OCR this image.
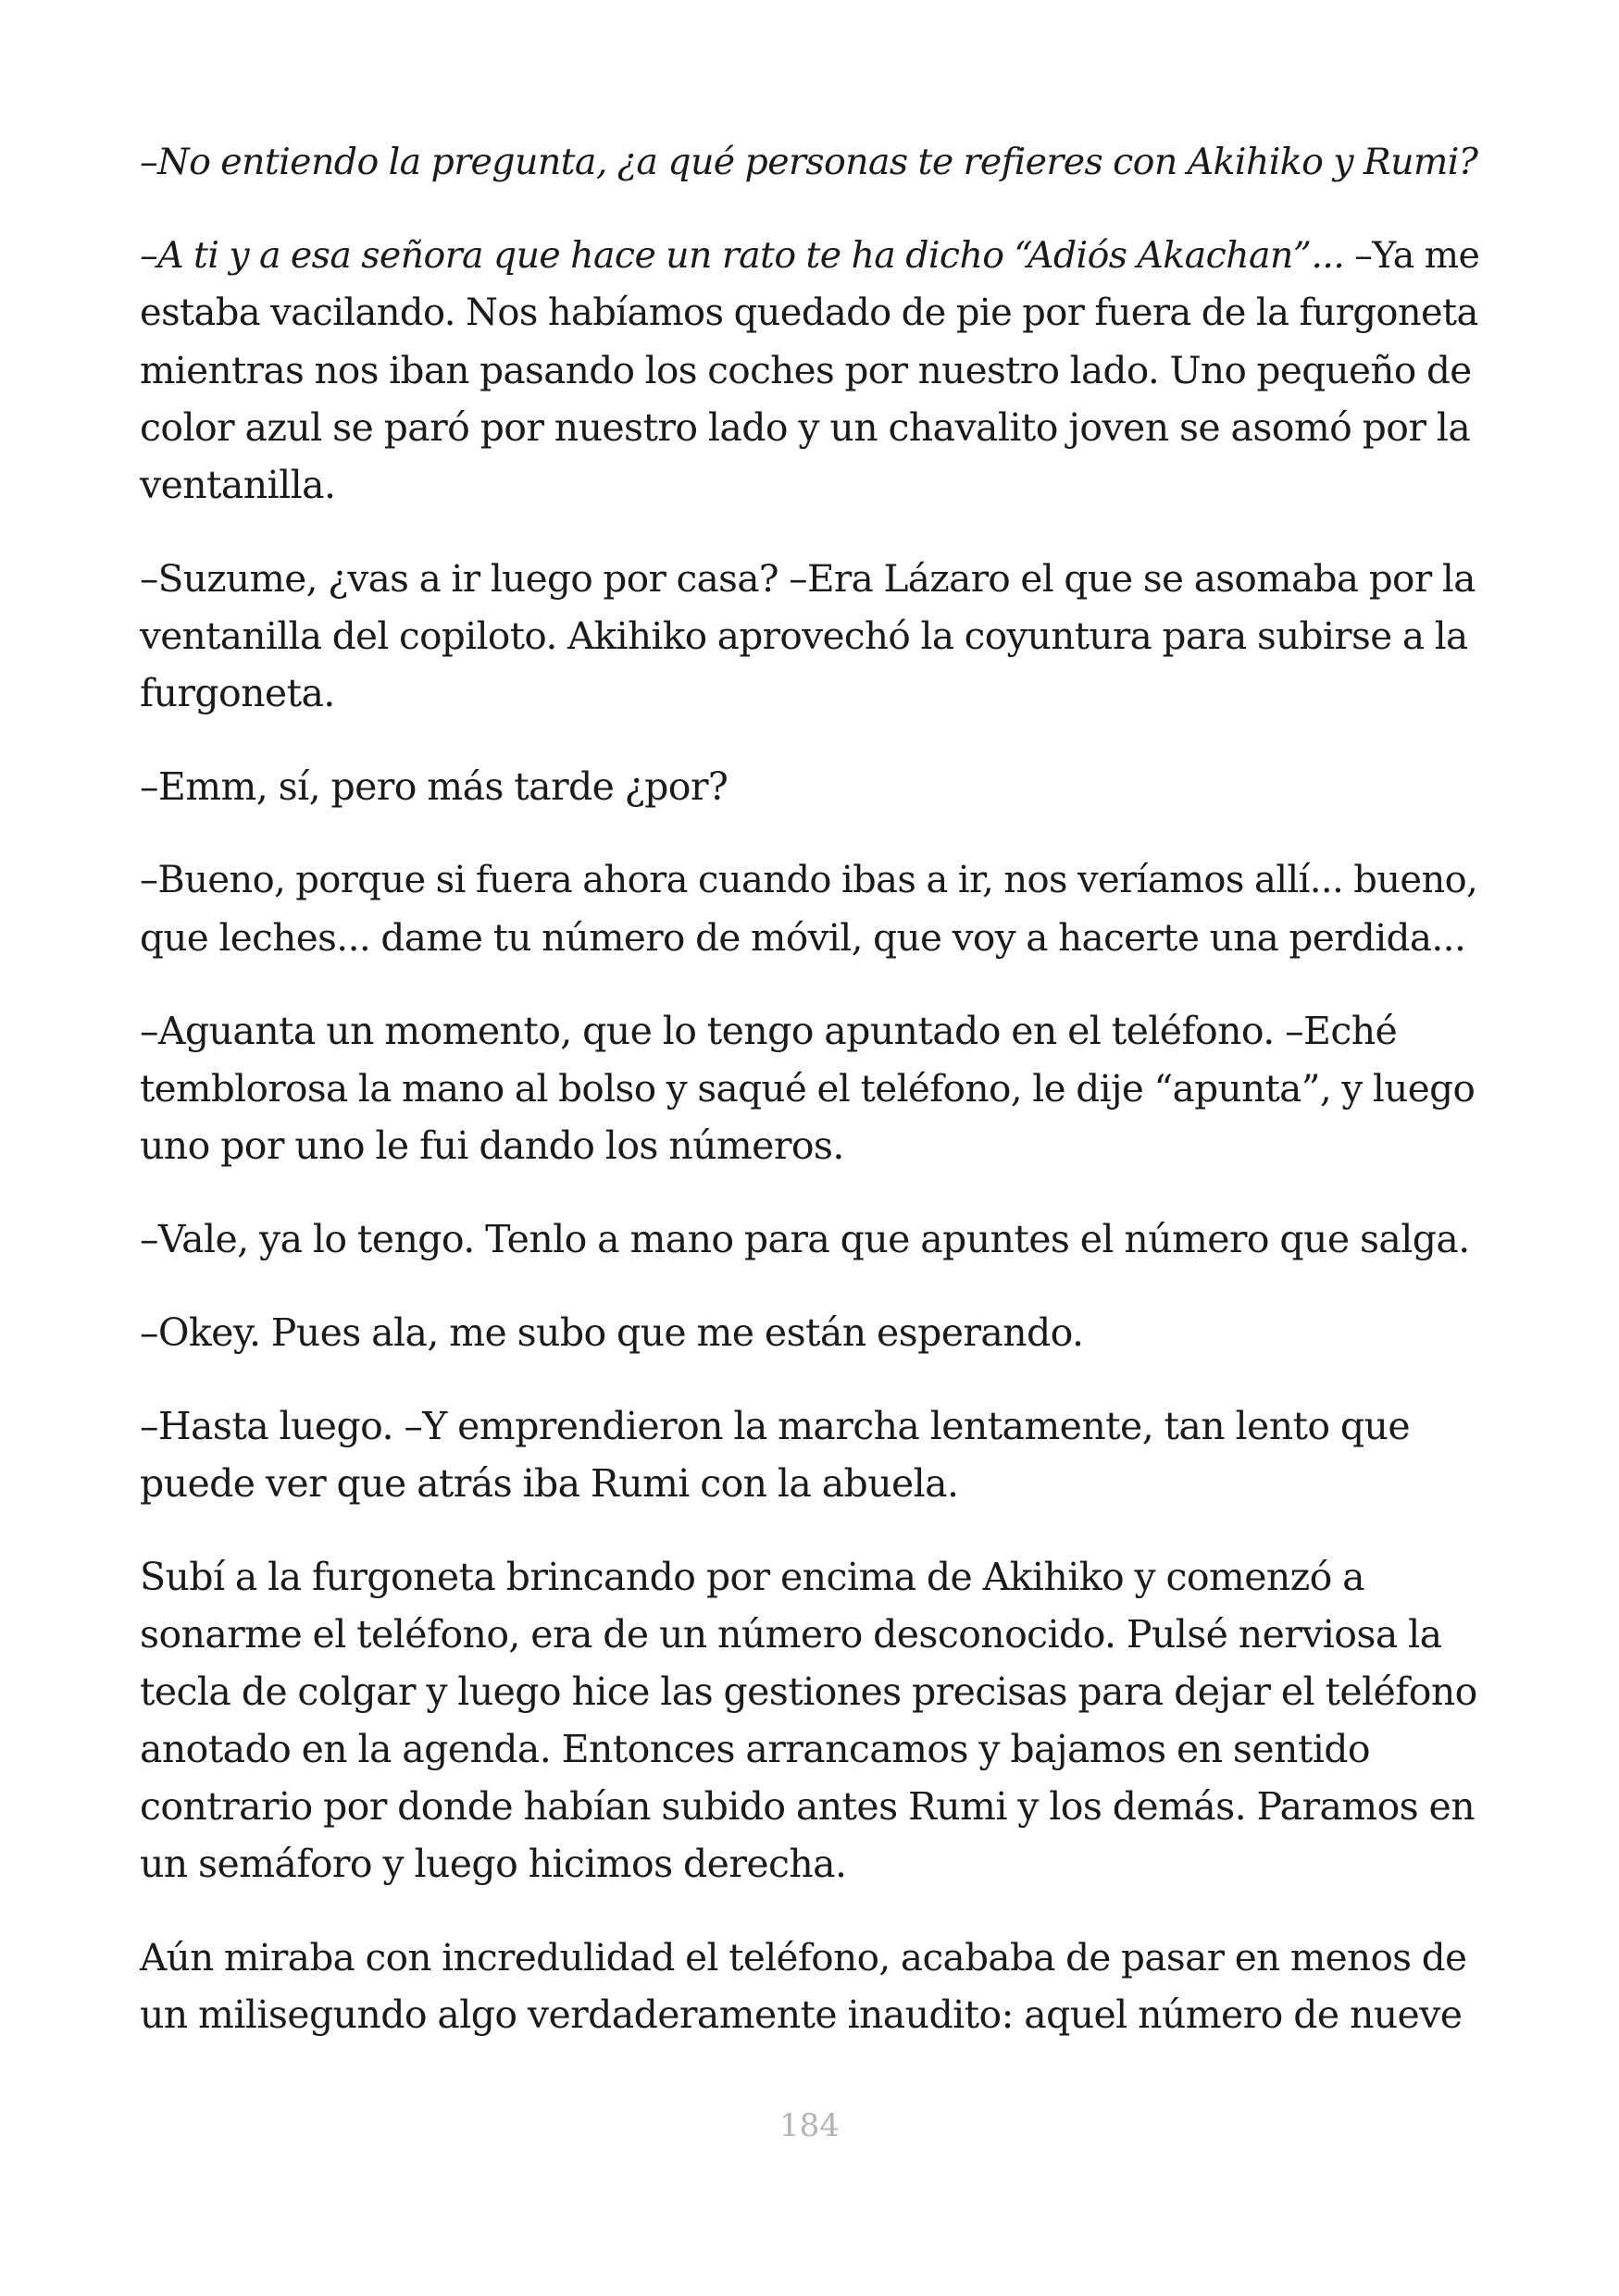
–No entiendo la pregunta, ¿a qué personas te refieres con Akihiko y Rumi?

–A ti y a esa señora que hace un rato te ha dicho “Adiós Akachan”... –Ya me
estaba vacilando. Nos habíamos quedado de pie por fuera de la furgoneta
mientras nos iban pasando los coches por nuestro lado. Uno pequeño de
color azul se paró por nuestro lado y un chavalito joven se asomó por la
ventanilla.

–Suzume, ¿vas a ir luego por casa? –Era Lázaro el que se asomaba por la
ventanilla del copiloto. Akihiko aprovechó la coyuntura para subirse a la
furgoneta.

–Emm, sí, pero más tarde ¿por?

–Bueno, porque si fuera ahora cuando ibas a ir, nos veríamos allí... bueno,
que leches... dame tu número de móvil, que voy a hacerte una perdida...

–Aguanta un momento, que lo tengo apuntado en el teléfono. –Eché
temblorosa la mano al bolso y saqué el teléfono, le dije “apunta”, y luego
uno por uno le fui dando los números.

–Vale, ya lo tengo. Tenlo a mano para que apuntes el número que salga.

–Okey. Pues ala, me subo que me están esperando.

–Hasta luego. –Y emprendieron la marcha lentamente, tan lento que
puede ver que atrás iba Rumi con la abuela.

Subí a la furgoneta brincando por encima de Akihiko y comenzó a
sonarme el teléfono, era de un número desconocido. Pulsé nerviosa la
tecla de colgar y luego hice las gestiones precisas para dejar el teléfono
anotado en la agenda. Entonces arrancamos y bajamos en sentido
contrario por donde habían subido antes Rumi y los demás. Paramos en
un semáforo y luego hicimos derecha.

Aún miraba con incredulidad el teléfono, acababa de pasar en menos de
un milisegundo algo verdaderamente inaudito: aquel número de nueve

184
